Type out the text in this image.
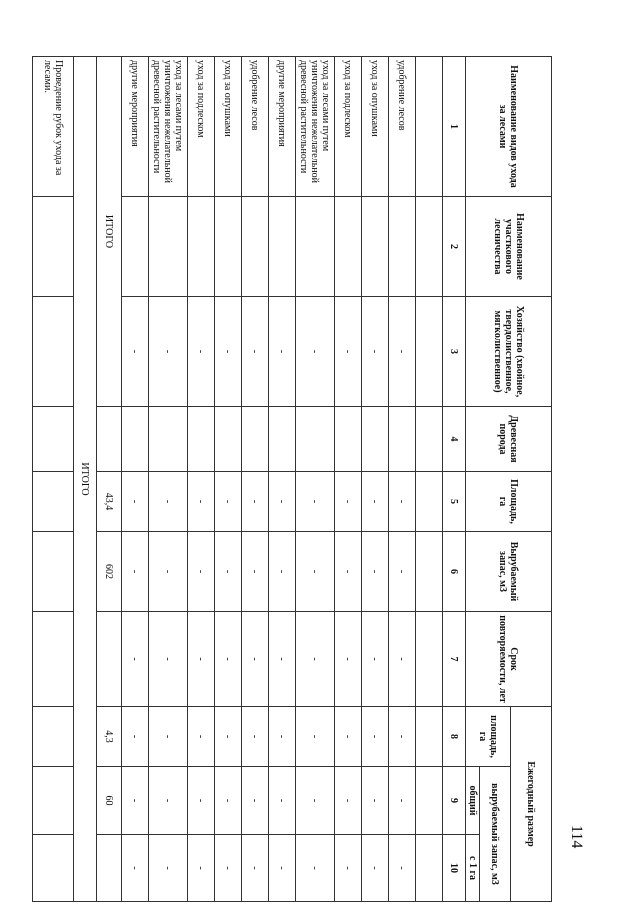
Наименование видов ухода за лесами	Наименование участкового лесничества	Хозяйство (хвойное, твердолиственное, мягколиственное)	Древесная порода	Площадь, га	Вырубаемый запас, м3	Срок повторяемости, лет	Ежегодный размер		
							площадь, га	вырубаемый запас, м3	
								общий	с 1 га
1	2	3	4	5	6	7	8	9	10

удобрение лесов		-		-	-	-	-	-	-
уход за опушками		-		-	-	-	-	-	-
уход за подлеском		-		-	-	-	-	-	-
уход за лесами путем уничтожения нежелательной древесной растительности		-		-	-	-	-	-	-
другие мероприятия		-		-	-	-	-	-	-
удобрение лесов		-		-	-	-	-	-	-
уход за опушками		-		-	-	-	-	-	-
уход за подлеском		-		-	-	-	-	-	-
уход за лесами путем уничтожения нежелательной древесной растительности		-		-	-	-	-	-	-
другие мероприятия		-		-	-	-	-	-	-
ИТОГО				43,4	602		4,3	60	
ИТОГО									
Проведение рубок ухода за лесами.									
114
